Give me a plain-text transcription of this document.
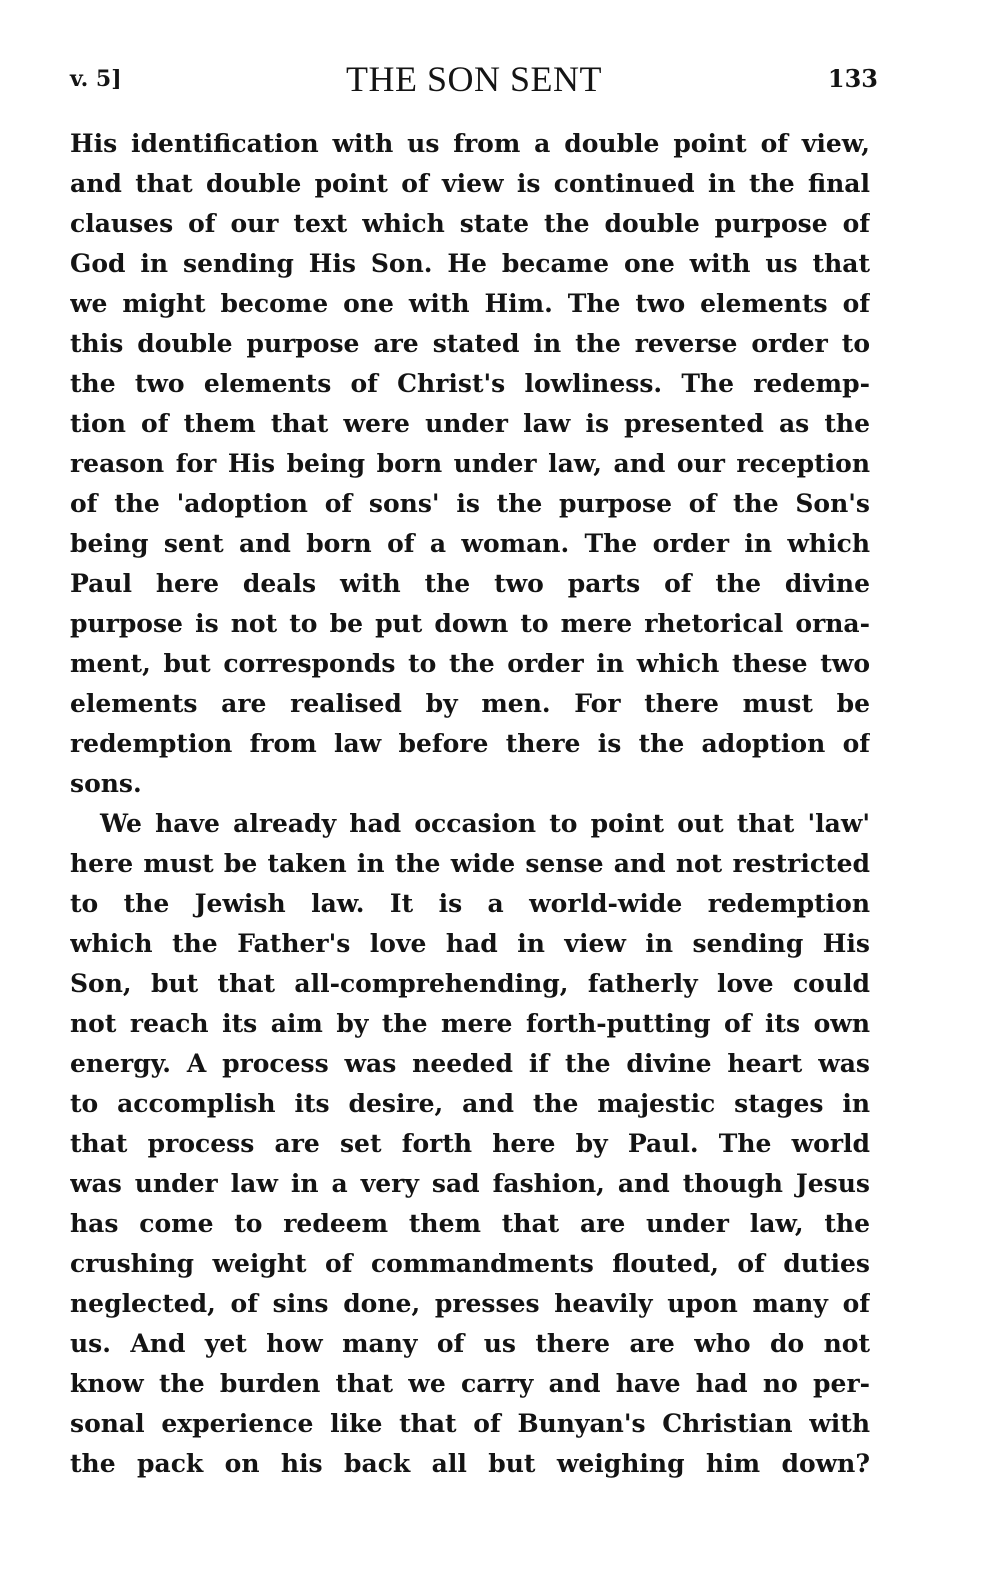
v. 5]	THE SON SENT	133
His identification with us from a double point of view,
and that double point of view is continued in the final
clauses of our text which state the double purpose of
God in sending His Son. He became one with us that
we might become one with Him. The two elements of
this double purpose are stated in the reverse order to
the two elements of Christ's lowliness. The redemp-
tion of them that were under law is presented as the
reason for His being born under law, and our reception
of the 'adoption of sons' is the purpose of the Son's
being sent and born of a woman. The order in which
Paul here deals with the two parts of the divine
purpose is not to be put down to mere rhetorical orna-
ment, but corresponds to the order in which these two
elements are realised by men. For there must be
redemption from law before there is the adoption of
sons.
We have already had occasion to point out that 'law'
here must be taken in the wide sense and not restricted
to the Jewish law. It is a world-wide redemption
which the Father's love had in view in sending His
Son, but that all-comprehending, fatherly love could
not reach its aim by the mere forth-putting of its own
energy. A process was needed if the divine heart was
to accomplish its desire, and the majestic stages in
that process are set forth here by Paul. The world
was under law in a very sad fashion, and though Jesus
has come to redeem them that are under law, the
crushing weight of commandments flouted, of duties
neglected, of sins done, presses heavily upon many of
us. And yet how many of us there are who do not
know the burden that we carry and have had no per-
sonal experience like that of Bunyan's Christian with
the pack on his back all but weighing him down?
